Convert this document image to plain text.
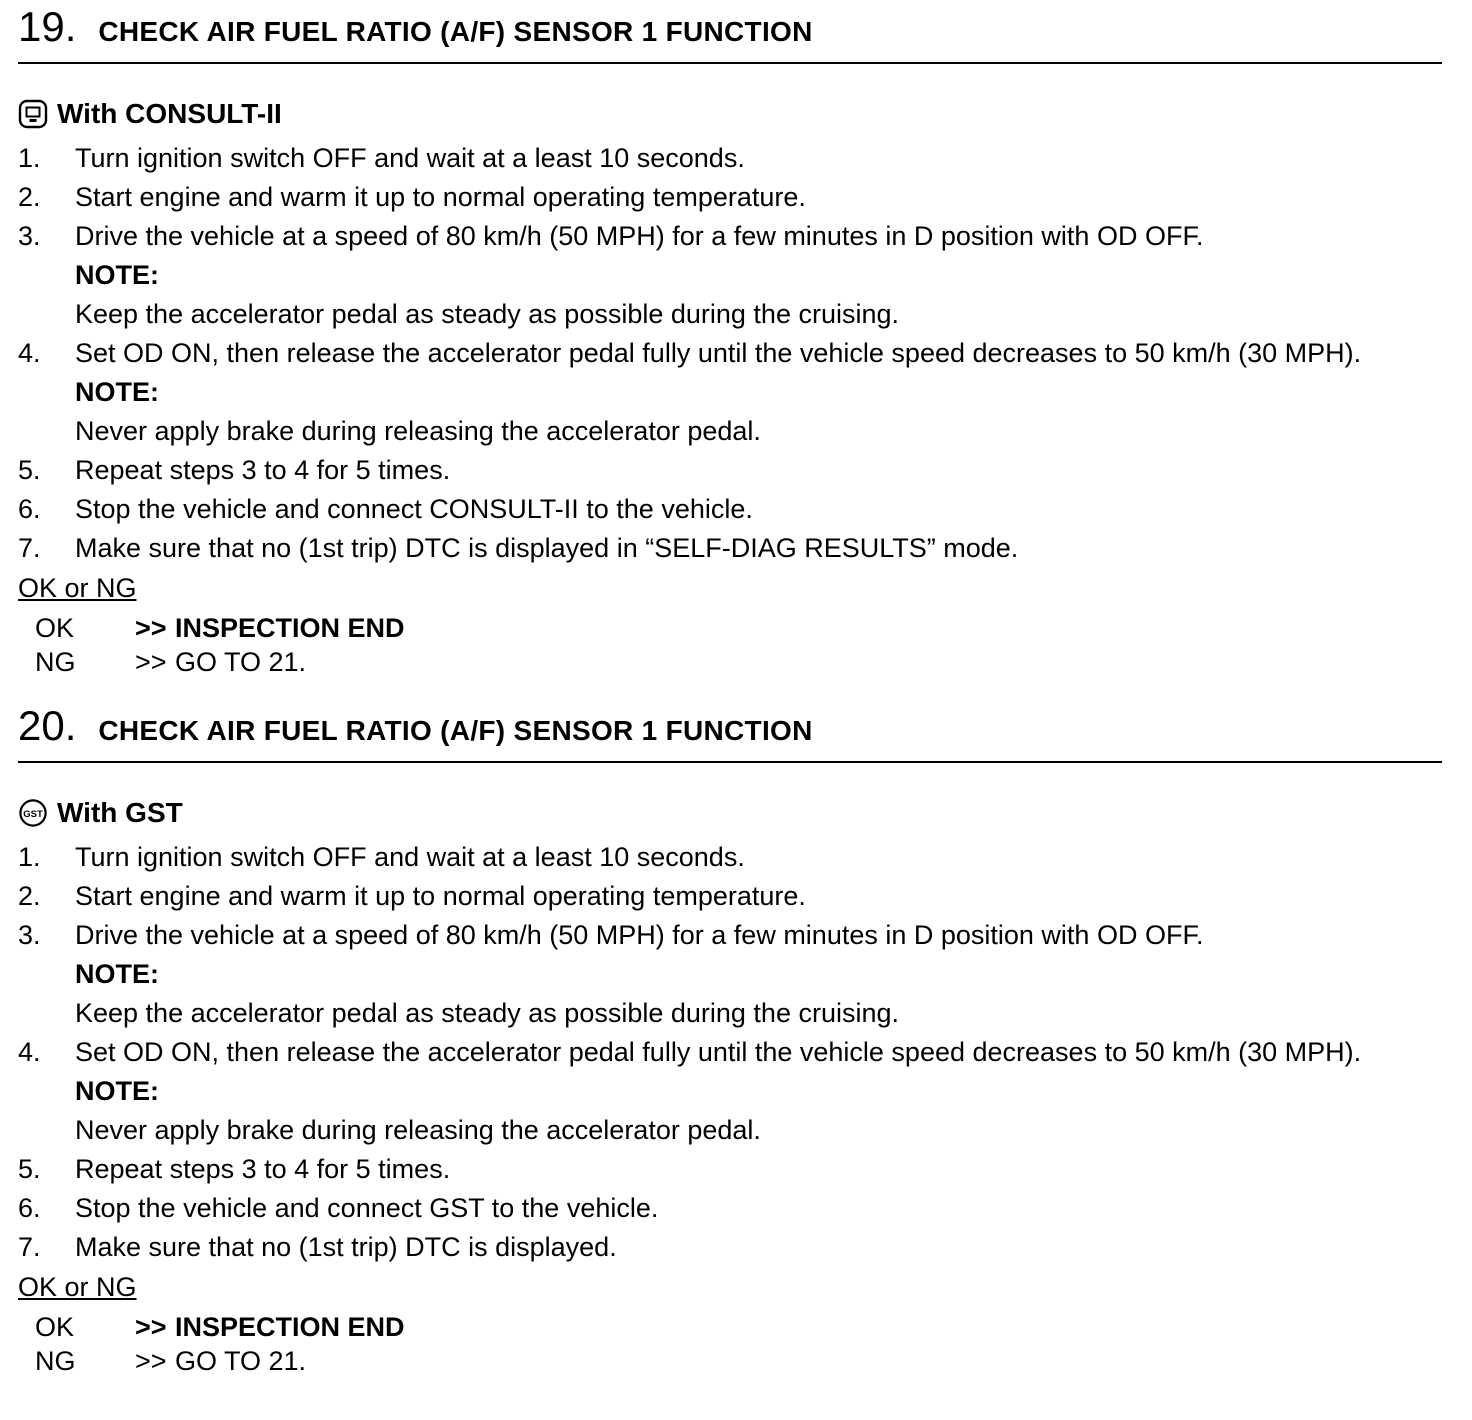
19. CHECK AIR FUEL RATIO (A/F) SENSOR 1 FUNCTION
With CONSULT-II
1.	Turn ignition switch OFF and wait at a least 10 seconds.
2.	Start engine and warm it up to normal operating temperature.
3.	Drive the vehicle at a speed of 80 km/h (50 MPH) for a few minutes in D position with OD OFF.
NOTE:
Keep the accelerator pedal as steady as possible during the cruising.
4.	Set OD ON, then release the accelerator pedal fully until the vehicle speed decreases to 50 km/h (30 MPH).
NOTE:
Never apply brake during releasing the accelerator pedal.
5.	Repeat steps 3 to 4 for 5 times.
6.	Stop the vehicle and connect CONSULT-II to the vehicle.
7.	Make sure that no (1st trip) DTC is displayed in “SELF-DIAG RESULTS” mode.
OK or NG
OK	>> INSPECTION END
NG	>> GO TO 21.
20. CHECK AIR FUEL RATIO (A/F) SENSOR 1 FUNCTION
GST With GST
1.	Turn ignition switch OFF and wait at a least 10 seconds.
2.	Start engine and warm it up to normal operating temperature.
3.	Drive the vehicle at a speed of 80 km/h (50 MPH) for a few minutes in D position with OD OFF.
NOTE:
Keep the accelerator pedal as steady as possible during the cruising.
4.	Set OD ON, then release the accelerator pedal fully until the vehicle speed decreases to 50 km/h (30 MPH).
NOTE:
Never apply brake during releasing the accelerator pedal.
5.	Repeat steps 3 to 4 for 5 times.
6.	Stop the vehicle and connect GST to the vehicle.
7.	Make sure that no (1st trip) DTC is displayed.
OK or NG
OK	>> INSPECTION END
NG	>> GO TO 21.
